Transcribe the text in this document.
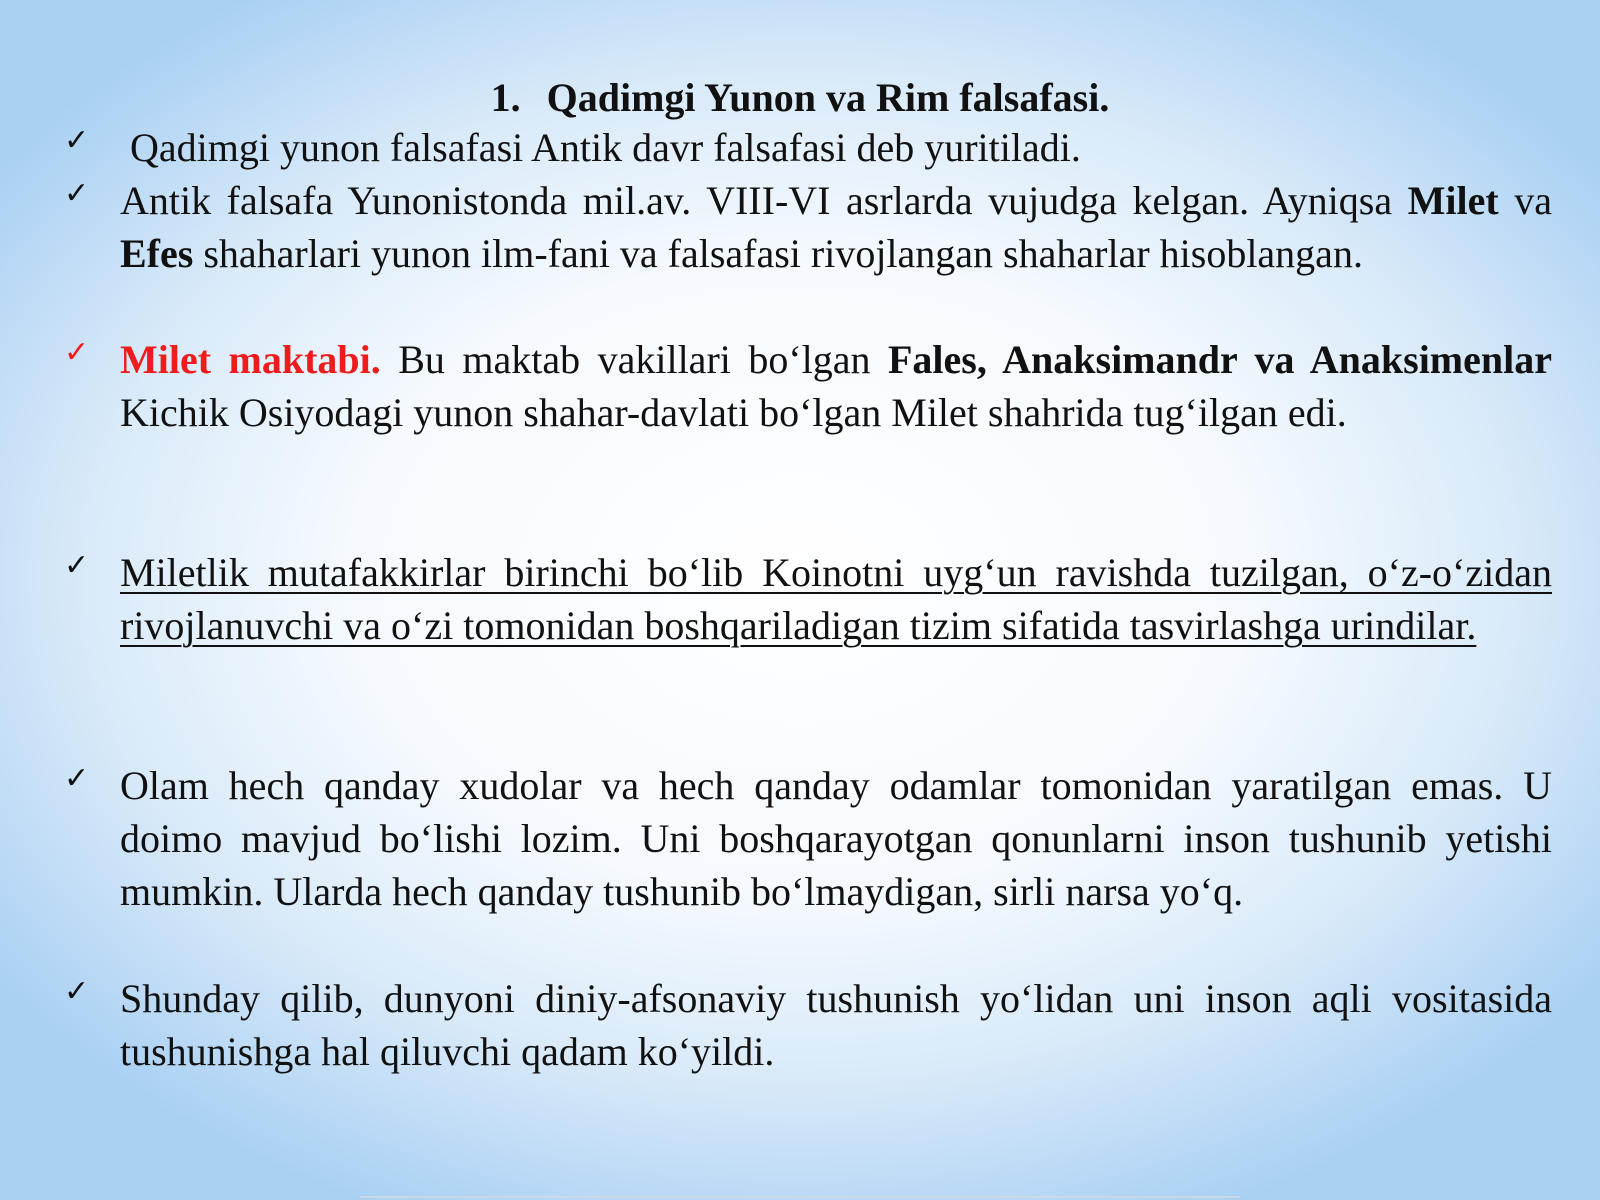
1. Qadimgi Yunon va Rim falsafasi.
✓ Qadimgi yunon falsafasi Antik davr falsafasi deb yuritiladi.

✓ Antik falsafa Yunonistonda mil.av. VIII-VI asrlarda vujudga kelgan. Ayniqsa Milet va Efes shaharlari yunon ilm-fani va falsafasi rivojlangan shaharlar hisoblangan.

✓ Milet maktabi. Bu maktab vakillari bo‘lgan Fales, Anaksimandr va Anaksimenlar Kichik Osiyodagi yunon shahar-davlati bo‘lgan Milet shahrida tug‘ilgan edi.

✓ Miletlik mutafakkirlar birinchi bo‘lib Koinotni uyg‘un ravishda tuzilgan, o‘z-o‘zidan rivojlanuvchi va o‘zi tomonidan boshqariladigan tizim sifatida tasvirlashga urindilar.

✓ Olam hech qanday xudolar va hech qanday odamlar tomonidan yaratilgan emas. U doimo mavjud bo‘lishi lozim. Uni boshqarayotgan qonunlarni inson tushunib yetishi mumkin. Ularda hech qanday tushunib bo‘lmaydigan, sirli narsa yo‘q.

✓ Shunday qilib, dunyoni diniy-afsonaviy tushunish yo‘lidan uni inson aqli vositasida tushunishga hal qiluvchi qadam ko‘yildi.
